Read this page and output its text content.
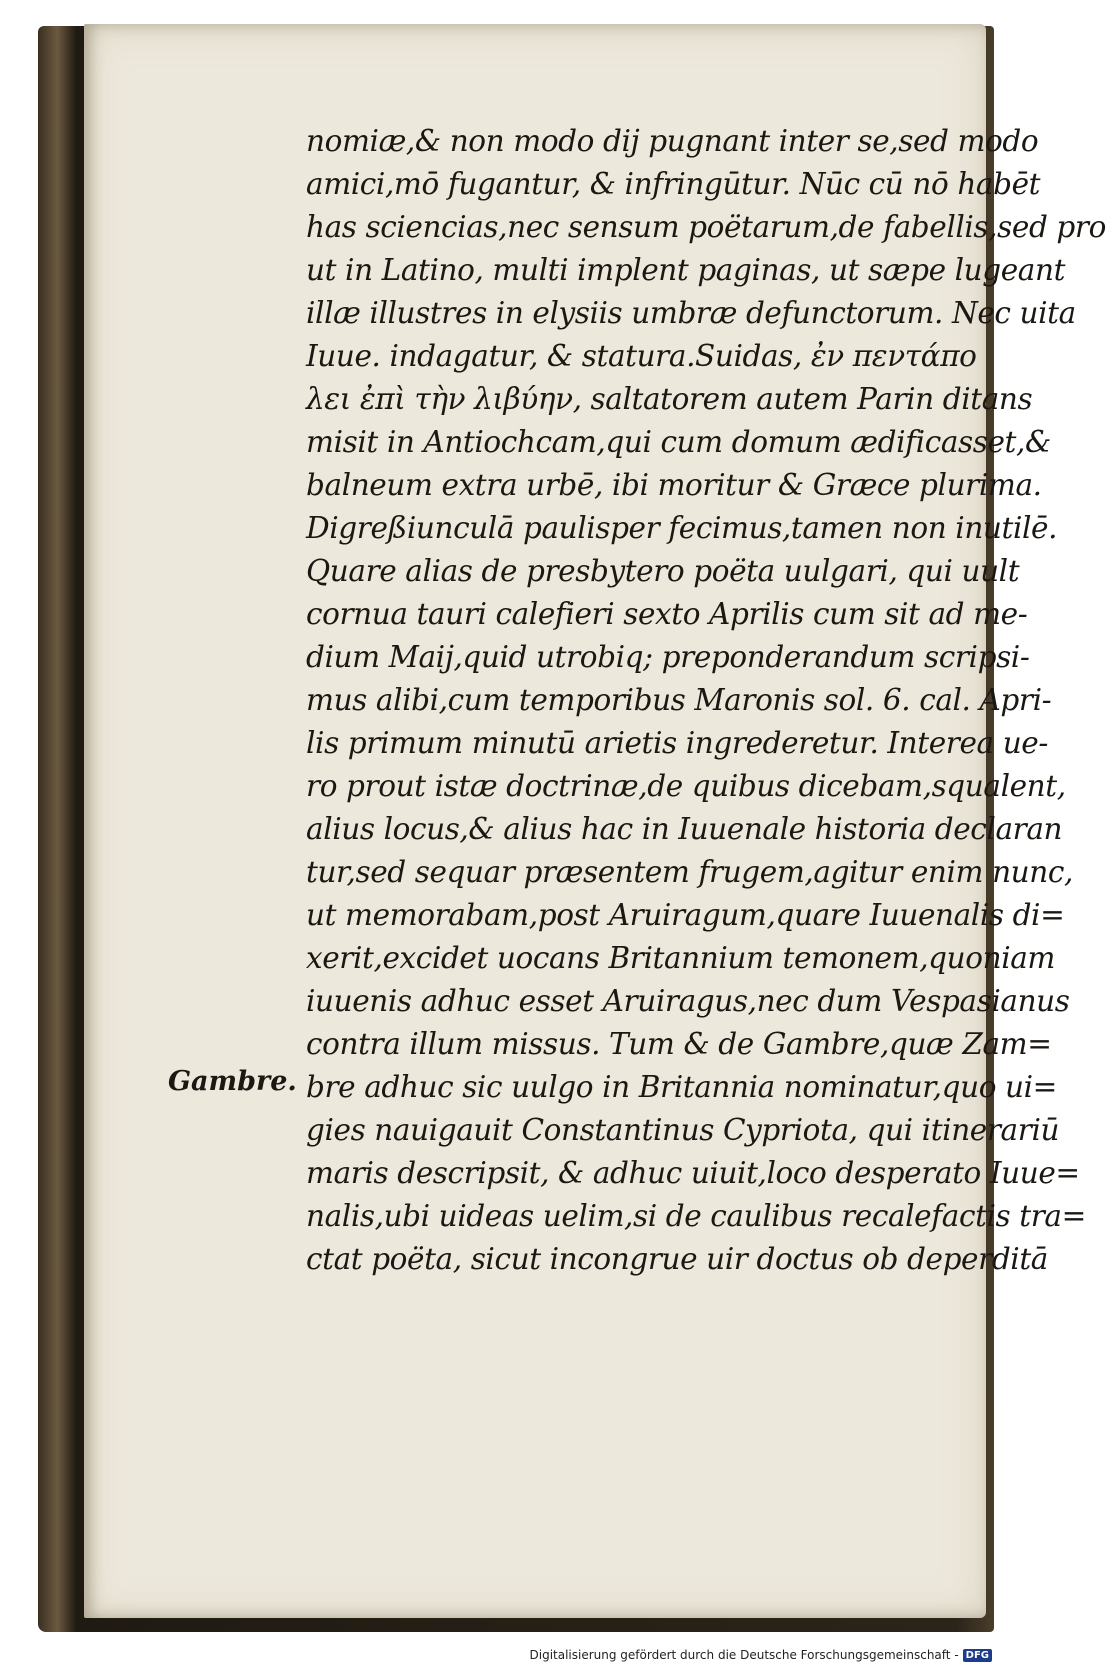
Gambre.
nomiæ,& non modo dij pugnant inter se,sed modo
amici,mō fugantur, & infringūtur. Nūc cū nō habēt
has sciencias,nec sensum poëtarum,de fabellis,sed pro
ut in Latino, multi implent paginas, ut sæpe lugeant
illæ illustres in elysiis umbræ defunctorum. Nec uita
Iuue. indagatur, & statura.Suidas, ἐν πεντάπο
λει ἐπὶ τὴν λιβύην, saltatorem autem Parin ditans
misit in Antiochcam,qui cum domum ædificasset,&
balneum extra urbē, ibi moritur & Græce plurima.
Digreßiunculā paulisper fecimus,tamen non inutilē.
Quare alias de presbytero poëta uulgari, qui uult
cornua tauri calefieri sexto Aprilis cum sit ad me-
dium Maij,quid utrobiq; preponderandum scripsi-
mus alibi,cum temporibus Maronis sol. 6. cal. Apri-
lis primum minutū arietis ingrederetur. Interea ue-
ro prout istæ doctrinæ,de quibus dicebam,squalent,
alius locus,& alius hac in Iuuenale historia declaran
tur,sed sequar præsentem frugem,agitur enim nunc,
ut memorabam,post Aruiragum,quare Iuuenalis di=
xerit,excidet uocans Britannium temonem,quoniam
iuuenis adhuc esset Aruiragus,nec dum Vespasianus
contra illum missus. Tum & de Gambre,quæ Zam=
bre adhuc sic uulgo in Britannia nominatur,quo ui=
gies nauigauit Constantinus Cypriota, qui itinerariū
maris descripsit, & adhuc uiuit,loco desperato Iuue=
nalis,ubi uideas uelim,si de caulibus recalefactis tra=
ctat poëta, sicut incongrue uir doctus ob deperditā
Digitalisierung gefördert durch die Deutsche Forschungsgemeinschaft - DFG
